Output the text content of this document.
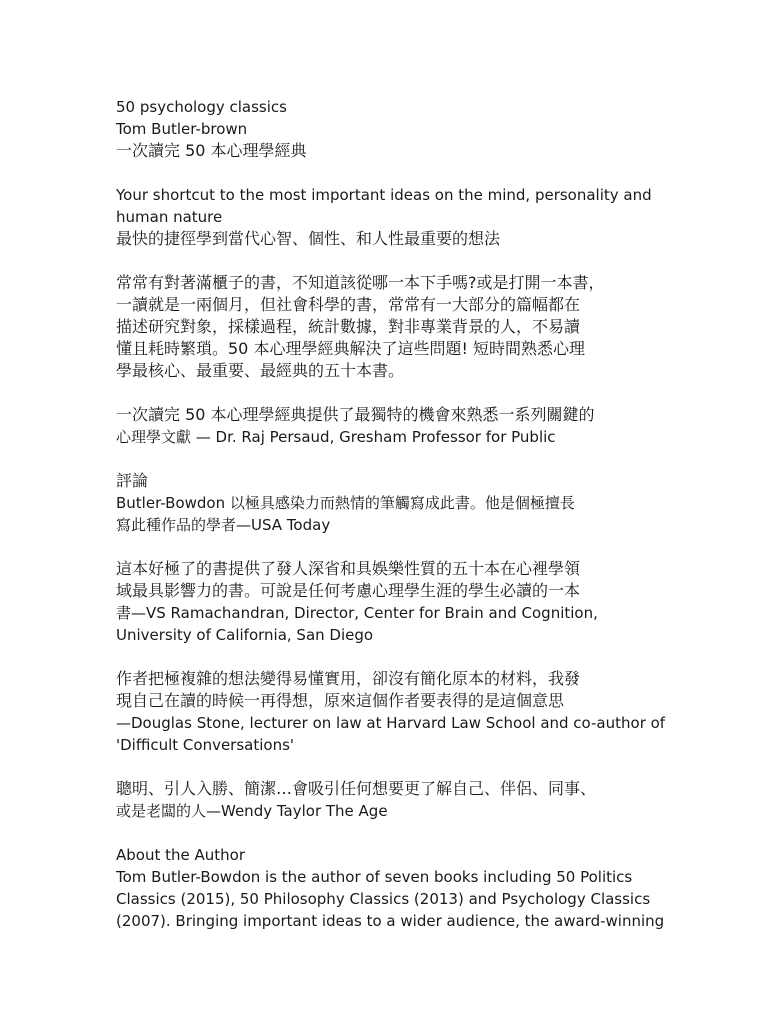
50 psychology classics
Tom Butler-brown
一次讀完 50 本心理學經典
Your shortcut to the most important ideas on the mind, personality and
human nature
最快的捷徑學到當代心智、個性、和人性最重要的想法
常常有對著滿櫃子的書，不知道該從哪一本下手嗎?或是打開一本書，
一讀就是一兩個月，但社會科學的書，常常有一大部分的篇幅都在
描述研究對象，採樣過程，統計數據，對非專業背景的人，不易讀
懂且耗時繁瑣。50 本心理學經典解決了這些問題! 短時間熟悉心理
學最核心、最重要、最經典的五十本書。
一次讀完 50 本心理學經典提供了最獨特的機會來熟悉一系列關鍵的
心理學文獻 — Dr. Raj Persaud, Gresham Professor for Public
評論
Butler-Bowdon 以極具感染力而熱情的筆觸寫成此書。他是個極擅長
寫此種作品的學者—USA Today
這本好極了的書提供了發人深省和具娛樂性質的五十本在心裡學領
域最具影響力的書。可說是任何考慮心理學生涯的學生必讀的一本
書—VS Ramachandran, Director, Center for Brain and Cognition,
University of California, San Diego
作者把極複雜的想法變得易懂實用，卻沒有簡化原本的材料，我發
現自己在讀的時候一再得想，原來這個作者要表得的是這個意思
—Douglas Stone, lecturer on law at Harvard Law School and co-author of
'Difficult Conversations'
聰明、引人入勝、簡潔…會吸引任何想要更了解自己、伴侶、同事、
或是老闆的人—Wendy Taylor The Age
About the Author
Tom Butler-Bowdon is the author of seven books including 50 Politics
Classics (2015), 50 Philosophy Classics (2013) and Psychology Classics
(2007). Bringing important ideas to a wider audience, the award-winning
